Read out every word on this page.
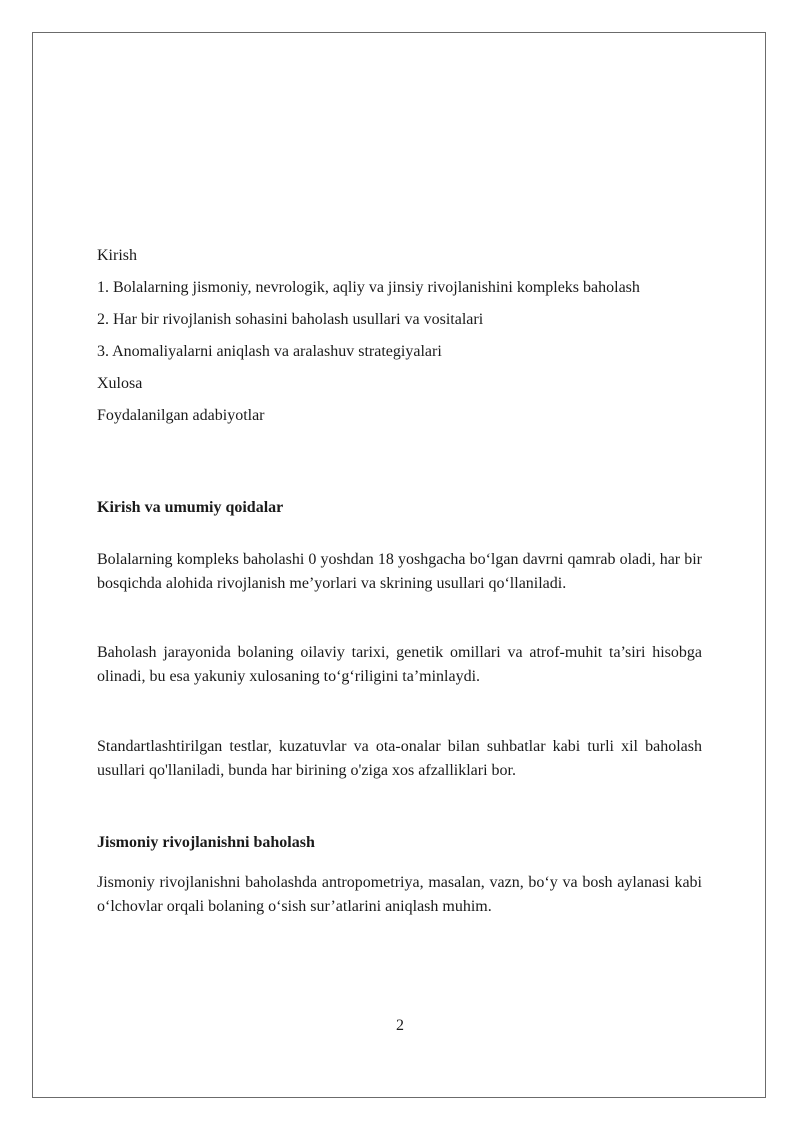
Kirish

1. Bolalarning jismoniy, nevrologik, aqliy va jinsiy rivojlanishini kompleks baholash

2. Har bir rivojlanish sohasini baholash usullari va vositalari

3. Anomaliyalarni aniqlash va aralashuv strategiyalari

Xulosa

Foydalanilgan adabiyotlar

Kirish va umumiy qoidalar

Bolalarning kompleks baholashi 0 yoshdan 18 yoshgacha bo‘lgan davrni qamrab oladi, har bir bosqichda alohida rivojlanish me’yorlari va skrining usullari qo‘llaniladi.

Baholash jarayonida bolaning oilaviy tarixi, genetik omillari va atrof-muhit ta’siri hisobga olinadi, bu esa yakuniy xulosaning to‘g‘riligini ta’minlaydi.

Standartlashtirilgan testlar, kuzatuvlar va ota-onalar bilan suhbatlar kabi turli xil baholash usullari qo'llaniladi, bunda har birining o'ziga xos afzalliklari bor.

Jismoniy rivojlanishni baholash

Jismoniy rivojlanishni baholashda antropometriya, masalan, vazn, bo‘y va bosh aylanasi kabi o‘lchovlar orqali bolaning o‘sish sur’atlarini aniqlash muhim.

2
